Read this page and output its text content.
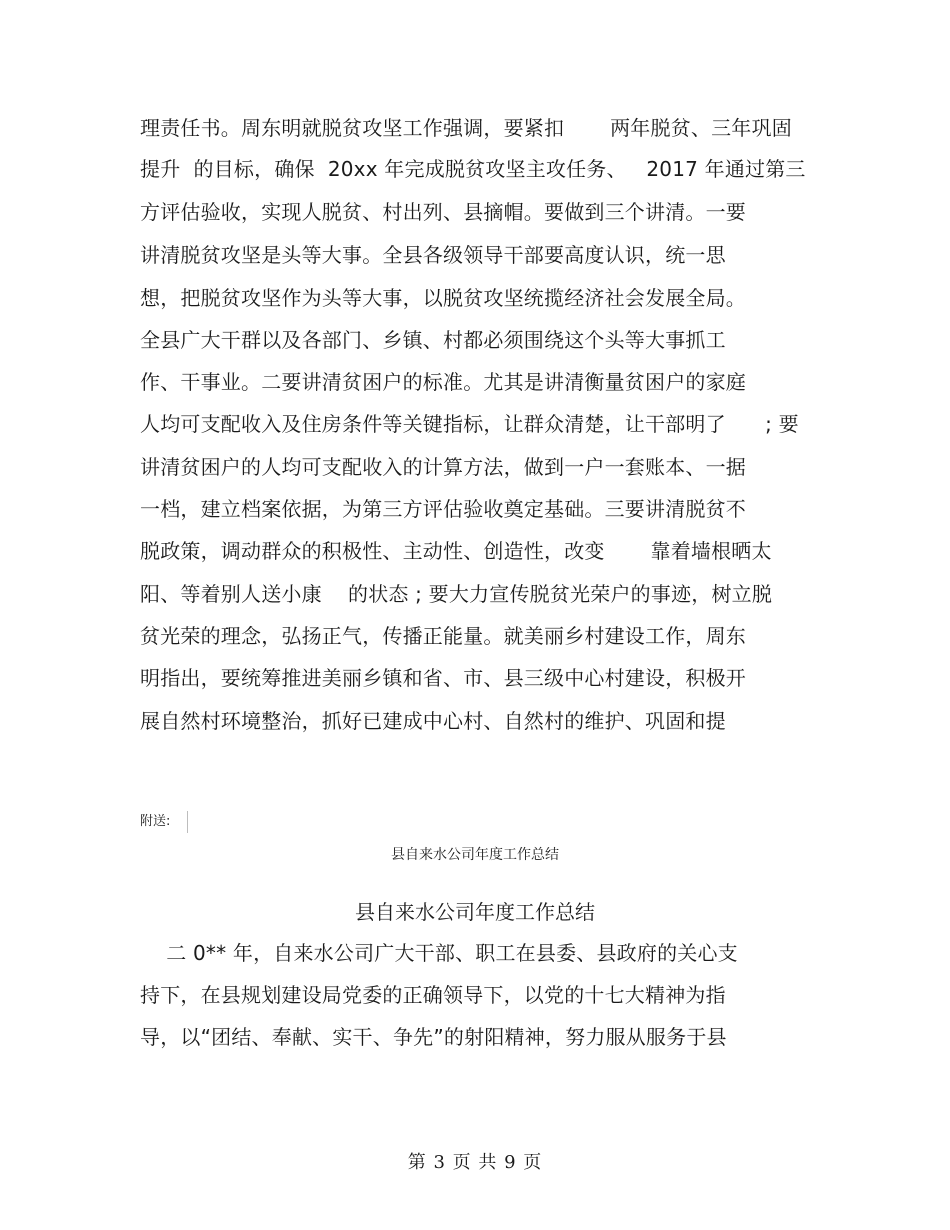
理责任书。周东明就脱贫攻坚工作强调，要紧扣       两年脱贫、三年巩固
提升  的目标，确保  20xx 年完成脱贫攻坚主攻任务、   2017 年通过第三
方评估验收，实现人脱贫、村出列、县摘帽。要做到三个讲清。一要
讲清脱贫攻坚是头等大事。全县各级领导干部要高度认识，统一思
想，把脱贫攻坚作为头等大事，以脱贫攻坚统揽经济社会发展全局。
全县广大干群以及各部门、乡镇、村都必须围绕这个头等大事抓工
作、干事业。二要讲清贫困户的标准。尤其是讲清衡量贫困户的家庭
人均可支配收入及住房条件等关键指标，让群众清楚，让干部明了      ; 要
讲清贫困户的人均可支配收入的计算方法，做到一户一套账本、一据
一档，建立档案依据，为第三方评估验收奠定基础。三要讲清脱贫不
脱政策，调动群众的积极性、主动性、创造性，改变       靠着墙根晒太
阳、等着别人送小康    的状态 ; 要大力宣传脱贫光荣户的事迹，树立脱
贫光荣的理念，弘扬正气，传播正能量。就美丽乡村建设工作，周东
明指出，要统筹推进美丽乡镇和省、市、县三级中心村建设，积极开
展自然村环境整治，抓好已建成中心村、自然村的维护、巩固和提
附送:
县自来水公司年度工作总结
县自来水公司年度工作总结
二 0** 年，自来水公司广大干部、职工在县委、县政府的关心支
持下，在县规划建设局党委的正确领导下，以党的十七大精神为指
导，以“团结、奉献、实干、争先”的射阳精神，努力服从服务于县
第 3 页 共 9 页
